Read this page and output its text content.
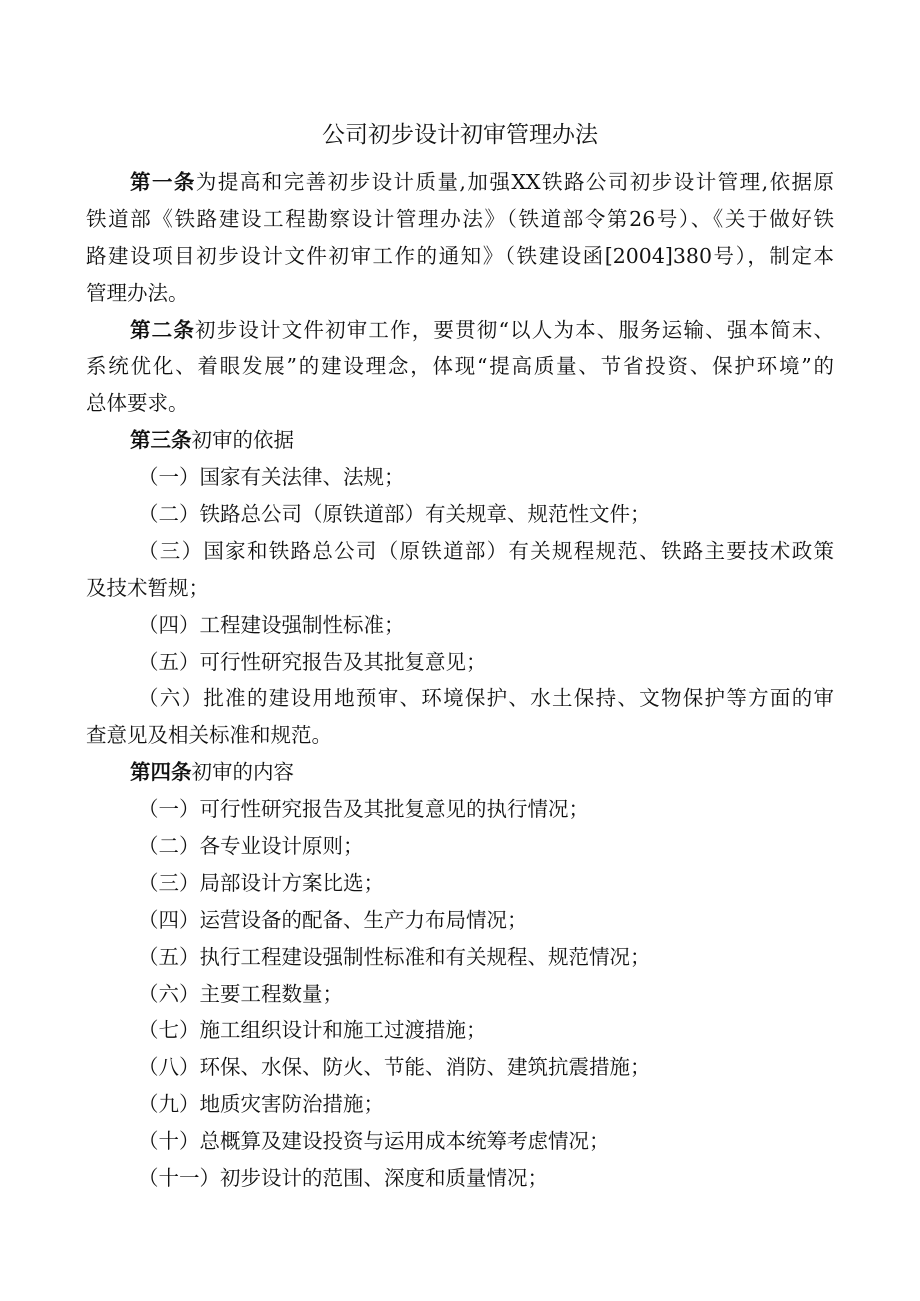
公司初步设计初审管理办法
第一条为提高和完善初步设计质量,加强XX铁路公司初步设计管理,依据原
铁道部《铁路建设工程勘察设计管理办法》（铁道部令第26号）、《关于做好铁
路建设项目初步设计文件初审工作的通知》（铁建设函[2004]380号），制定本
管理办法。
第二条初步设计文件初审工作，要贯彻“以人为本、服务运输、强本简末、
系统优化、着眼发展”的建设理念，体现“提高质量、节省投资、保护环境”的
总体要求。
第三条初审的依据
（一）国家有关法律、法规；
（二）铁路总公司（原铁道部）有关规章、规范性文件；
（三）国家和铁路总公司（原铁道部）有关规程规范、铁路主要技术政策
及技术暂规；
（四）工程建设强制性标准；
（五）可行性研究报告及其批复意见；
（六）批准的建设用地预审、环境保护、水土保持、文物保护等方面的审
查意见及相关标准和规范。
第四条初审的内容
（一）可行性研究报告及其批复意见的执行情况；
（二）各专业设计原则；
（三）局部设计方案比选；
（四）运营设备的配备、生产力布局情况；
（五）执行工程建设强制性标准和有关规程、规范情况；
（六）主要工程数量；
（七）施工组织设计和施工过渡措施；
（八）环保、水保、防火、节能、消防、建筑抗震措施；
（九）地质灾害防治措施；
（十）总概算及建设投资与运用成本统筹考虑情况；
（十一）初步设计的范围、深度和质量情况；
